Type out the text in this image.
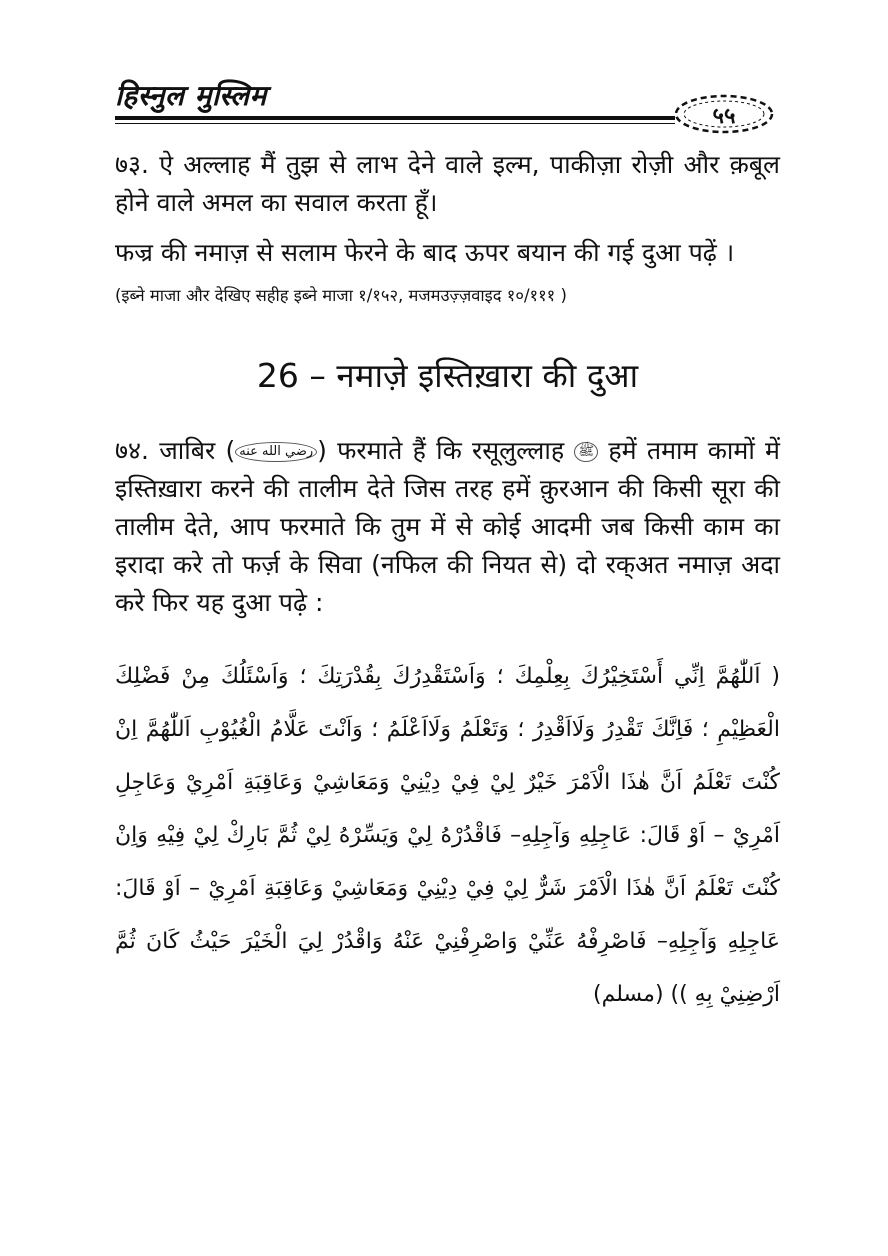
हिस्नुल मुस्लिम
५५

७३. ऐ अल्लाह मैं तुझ से लाभ देने वाले इल्म, पाकीज़ा रोज़ी और क़बूल होने वाले अमल का सवाल करता हूँ।

फज्र की नमाज़ से सलाम फेरने के बाद ऊपर बयान की गई दुआ पढ़ें ।

(इब्ने माजा और देखिए सहीह इब्ने माजा १/१५२, मजमउज़्ज़वाइद १०/१११ )

26 – नमाज़े इस्तिख़ारा की दुआ

७४. जाबिर ( رضي الله عنه ) फरमाते हैं कि रसूलुल्लाह ﷺ हमें तमाम कामों में इस्तिख़ारा करने की तालीम देते जिस तरह हमें क़ुरआन की किसी सूरा की तालीम देते, आप फरमाते कि तुम में से कोई आदमी जब किसी काम का इरादा करे तो फर्ज़ के सिवा (नफिल की नियत से) दो रक्अत नमाज़ अदा करे फिर यह दुआ पढ़े :

( اَللّٰهُمَّ اِنِّي أَسْتَخِيْرُكَ بِعِلْمِكَ ؛ وَاَسْتَقْدِرُكَ بِقُدْرَتِكَ ؛ وَاَسْئَلُكَ مِنْ فَضْلِكَ الْعَظِيْمِ ؛ فَاِنَّكَ تَقْدِرُ وَلَااَقْدِرُ ؛ وَتَعْلَمُ وَلَااَعْلَمُ ؛ وَاَنْتَ عَلَّامُ الْغُيُوْبِ اَللّٰهُمَّ اِنْ كُنْتَ تَعْلَمُ اَنَّ هٰذَا الْاَمْرَ خَيْرٌ لِيْ فِيْ دِيْنِيْ وَمَعَاشِيْ وَعَاقِبَةِ اَمْرِيْ وَعَاجِلِ اَمْرِيْ – اَوْ قَالَ: عَاجِلِهِ وَآجِلِهِ– فَاقْدُرْهُ لِيْ وَيَسِّرْهُ لِيْ ثُمَّ بَارِكْ لِيْ فِيْهِ وَاِنْ كُنْتَ تَعْلَمُ اَنَّ هٰذَا الْاَمْرَ شَرٌّ لِيْ فِيْ دِيْنِيْ وَمَعَاشِيْ وَعَاقِبَةِ اَمْرِيْ – اَوْ قَالَ: عَاجِلِهِ وَآجِلِهِ– فَاصْرِفْهُ عَنِّيْ وَاصْرِفْنِيْ عَنْهُ وَاقْدُرْ لِيَ الْخَيْرَ حَيْثُ كَانَ ثُمَّ اَرْضِنِيْ بِهِ )) (مسلم)
